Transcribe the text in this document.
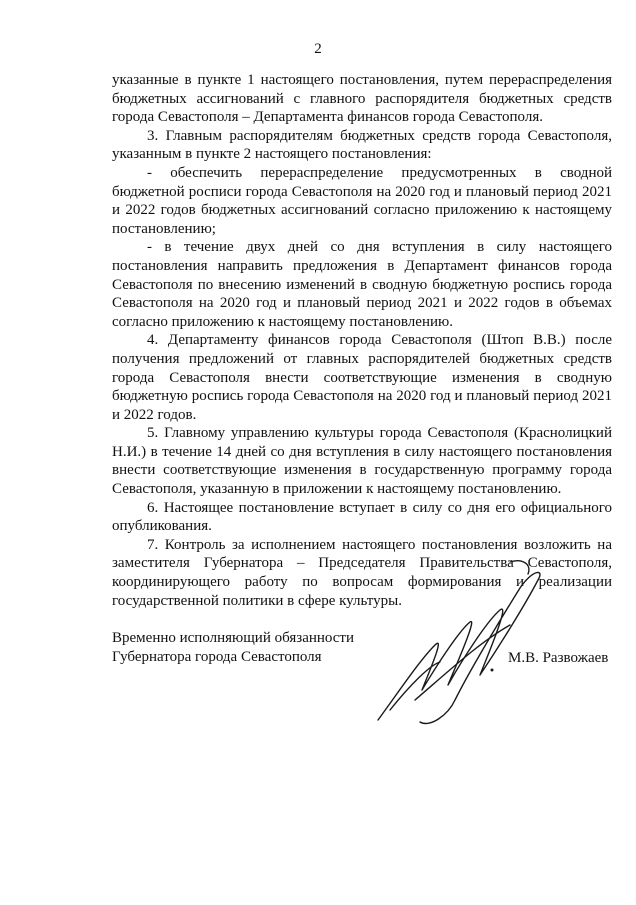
2

указанные в пункте 1 настоящего постановления, путем перераспределения бюджетных ассигнований с главного распорядителя бюджетных средств города Севастополя – Департамента финансов города Севастополя.

3. Главным распорядителям бюджетных средств города Севастополя, указанным в пункте 2 настоящего постановления:

- обеспечить перераспределение предусмотренных в сводной бюджетной росписи города Севастополя на 2020 год и плановый период 2021 и 2022 годов бюджетных ассигнований согласно приложению к настоящему постановлению;

- в течение двух дней со дня вступления в силу настоящего постановления направить предложения в Департамент финансов города Севастополя по внесению изменений в сводную бюджетную роспись города Севастополя на 2020 год и плановый период 2021 и 2022 годов в объемах согласно приложению к настоящему постановлению.

4. Департаменту финансов города Севастополя (Штоп В.В.) после получения предложений от главных распорядителей бюджетных средств города Севастополя внести соответствующие изменения в сводную бюджетную роспись города Севастополя на 2020 год и плановый период 2021 и 2022 годов.

5. Главному управлению культуры города Севастополя (Краснолицкий Н.И.) в течение 14 дней со дня вступления в силу настоящего постановления внести соответствующие изменения в государственную программу города Севастополя, указанную в приложении к настоящему постановлению.

6. Настоящее постановление вступает в силу со дня его официального опубликования.

7. Контроль за исполнением настоящего постановления возложить на заместителя Губернатора – Председателя Правительства Севастополя, координирующего работу по вопросам формирования и реализации государственной политики в сфере культуры.

Временно исполняющий обязанности
Губернатора города Севастополя	М.В. Развожаев
